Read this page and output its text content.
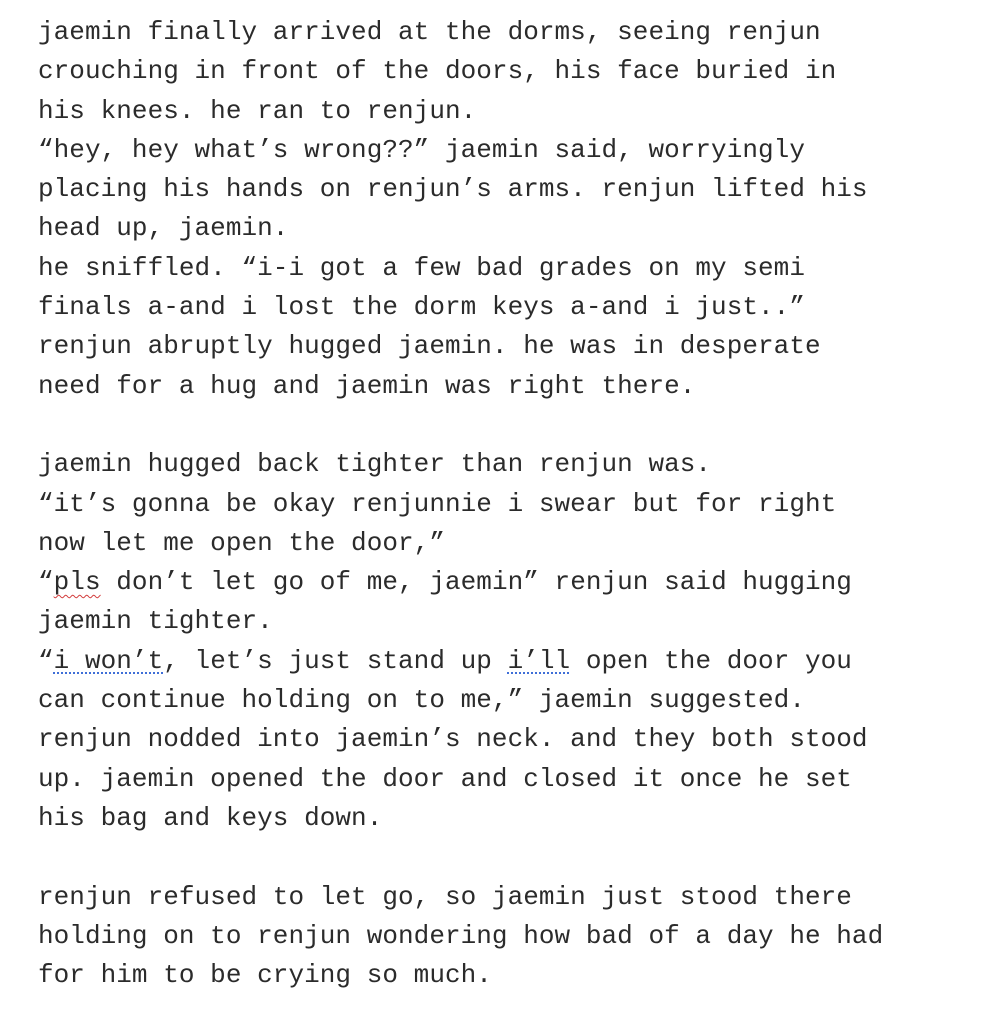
jaemin finally arrived at the dorms, seeing renjun
crouching in front of the doors, his face buried in
his knees. he ran to renjun.
“hey, hey what’s wrong??” jaemin said, worryingly
placing his hands on renjun’s arms. renjun lifted his
head up, jaemin.
he sniffled. “i-i got a few bad grades on my semi
finals a-and i lost the dorm keys a-and i just..”
renjun abruptly hugged jaemin. he was in desperate
need for a hug and jaemin was right there.
jaemin hugged back tighter than renjun was.
“it’s gonna be okay renjunnie i swear but for right
now let me open the door,”
“pls don’t let go of me, jaemin” renjun said hugging
jaemin tighter.
“i won’t, let’s just stand up i’ll open the door you
can continue holding on to me,” jaemin suggested.
renjun nodded into jaemin’s neck. and they both stood
up. jaemin opened the door and closed it once he set
his bag and keys down.
renjun refused to let go, so jaemin just stood there
holding on to renjun wondering how bad of a day he had
for him to be crying so much.
